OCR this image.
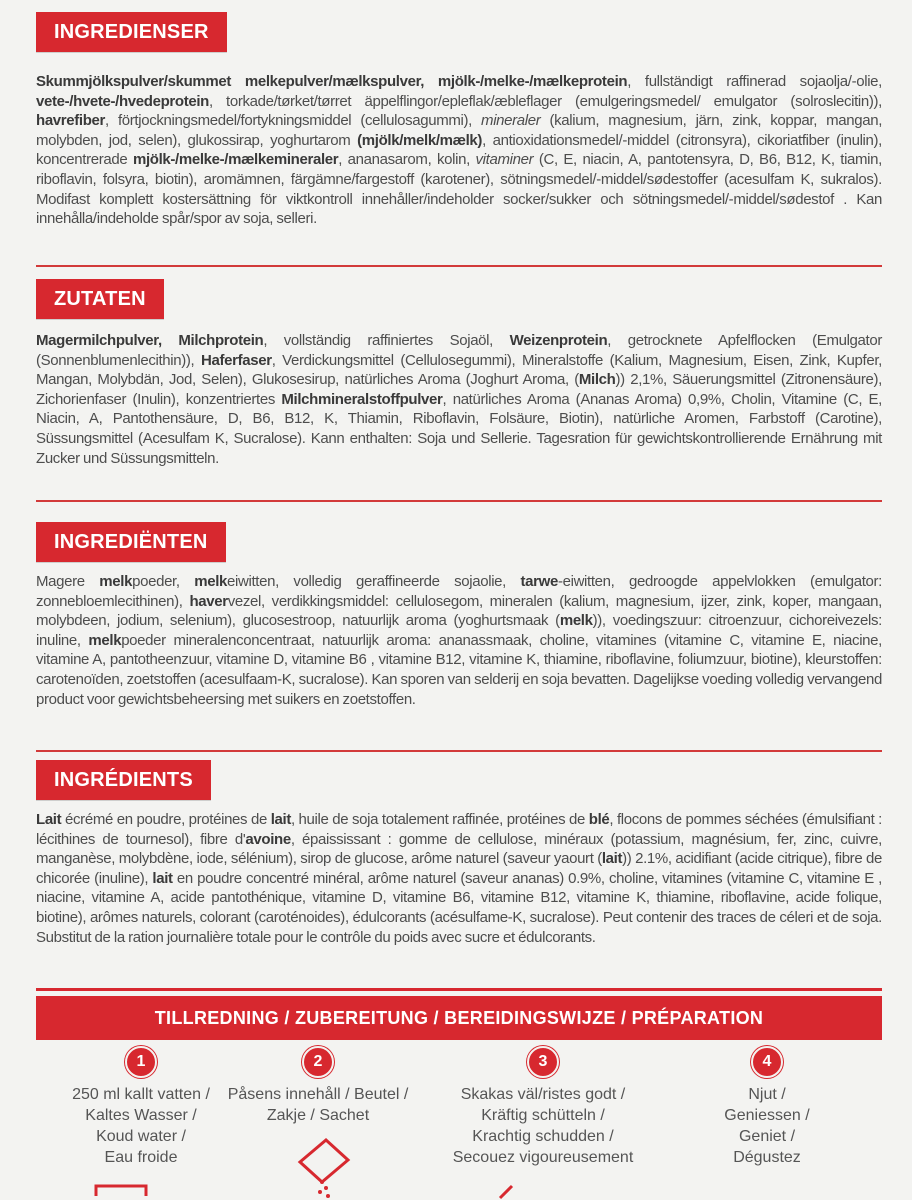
INGREDIENSER
Skummjölkspulver/skummet melkepulver/mælkspulver, mjölk-/melke-/mælkeprotein, fullständigt raffinerad sojaolja/-olie, vete-/hvete-/hvedeprotein, torkade/tørket/tørret äppelflingor/epleflak/æbleflager (emulgeringsmedel/ emulgator (solroslecitin)), havrefiber, förtjockningsmedel/fortykningsmiddel (cellulosagummi), mineraler (kalium, magnesium, järn, zink, koppar, mangan, molybden, jod, selen), glukossirap, yoghurtarom (mjölk/melk/mælk), antioxidationsmedel/-middel (citronsyra), cikoriatfiber (inulin), koncentrerade mjölk-/melke-/mælkemineraler, ananasarom, kolin, vitaminer (C, E, niacin, A, pantotensyra, D, B6, B12, K, tiamin, riboflavin, folsyra, biotin), aromämnen, färgämne/fargestoff (karotener), sötningsmedel/-middel/sødestoffer (acesulfam K, sukralos). Modifast komplett kostersättning för viktkontroll innehåller/indeholder socker/sukker och sötningsmedel/-middel/sødestof . Kan innehålla/indeholde spår/spor av soja, selleri.
ZUTATEN
Magermilchpulver, Milchprotein, vollständig raffiniertes Sojaöl, Weizenprotein, getrocknete Apfelflocken (Emulgator (Sonnenblumenlecithin)), Haferfaser, Verdickungsmittel (Cellulosegummi), Mineralstoffe (Kalium, Magnesium, Eisen, Zink, Kupfer, Mangan, Molybdän, Jod, Selen), Glukosesirup, natürliches Aroma (Joghurt Aroma, (Milch)) 2,1%, Säuerungsmittel (Zitronensäure), Zichorienfaser (Inulin), konzentriertes Milchmineralstoffpulver, natürliches Aroma (Ananas Aroma) 0,9%, Cholin, Vitamine (C, E, Niacin, A, Pantothensäure, D, B6, B12, K, Thiamin, Riboflavin, Folsäure, Biotin), natürliche Aromen, Farbstoff (Carotine), Süssungsmittel (Acesulfam K, Sucralose). Kann enthalten: Soja und Sellerie. Tagesration für gewichtskontrollierende Ernährung mit Zucker und Süssungsmitteln.
INGREDIËNTEN
Magere melkpoeder, melkeiwitten, volledig geraffineerde sojaolie, tarwe-eiwitten, gedroogde appelvlokken (emulgator: zonnebloemlecithinen), havervezel, verdikkingsmiddel: cellulosegom, mineralen (kalium, magnesium, ijzer, zink, koper, mangaan, molybdeen, jodium, selenium), glucosestroop, natuurlijk aroma (yoghurtsmaak (melk)), voedingszuur: citroenzuur, cichoreivezels: inuline, melkpoeder mineralenconcentraat, natuurlijk aroma: ananassmaak, choline, vitamines (vitamine C, vitamine E, niacine, vitamine A, pantotheenzuur, vitamine D, vitamine B6 , vitamine B12, vitamine K, thiamine, riboflavine, foliumzuur, biotine), kleurstoffen: carotenoïden, zoetstoffen (acesulfaam-K, sucralose). Kan sporen van selderij en soja bevatten. Dagelijkse voeding volledig vervangend product voor gewichtsbeheersing met suikers en zoetstoffen.
INGRÉDIENTS
Lait écrémé en poudre, protéines de lait, huile de soja totalement raffinée, protéines de blé, flocons de pommes séchées (émulsifiant : lécithines de tournesol), fibre d'avoine, épaississant : gomme de cellulose, minéraux (potassium, magnésium, fer, zinc, cuivre, manganèse, molybdène, iode, sélénium), sirop de glucose, arôme naturel (saveur yaourt (lait)) 2.1%, acidifiant (acide citrique), fibre de chicorée (inuline), lait en poudre concentré minéral, arôme naturel (saveur ananas) 0.9%, choline, vitamines (vitamine C, vitamine E , niacine, vitamine A, acide pantothénique, vitamine D, vitamine B6, vitamine B12, vitamine K, thiamine, riboflavine, acide folique, biotine), arômes naturels, colorant (caroténoides), édulcorants (acésulfame-K, sucralose). Peut contenir des traces de céleri et de soja. Substitut de la ration journalière totale pour le contrôle du poids avec sucre et édulcorants.
TILLREDNING / ZUBEREITUNG / BEREIDINGSWIJZE / PRÉPARATION
1
250 ml kallt vatten /
Kaltes Wasser /
Koud water /
Eau froide
2
Påsens innehåll / Beutel /
Zakje / Sachet
3
Skakas väl/ristes godt /
Kräftig schütteln /
Krachtig schudden /
Secouez vigoureusement
4
Njut /
Geniessen /
Geniet /
Dégustez
